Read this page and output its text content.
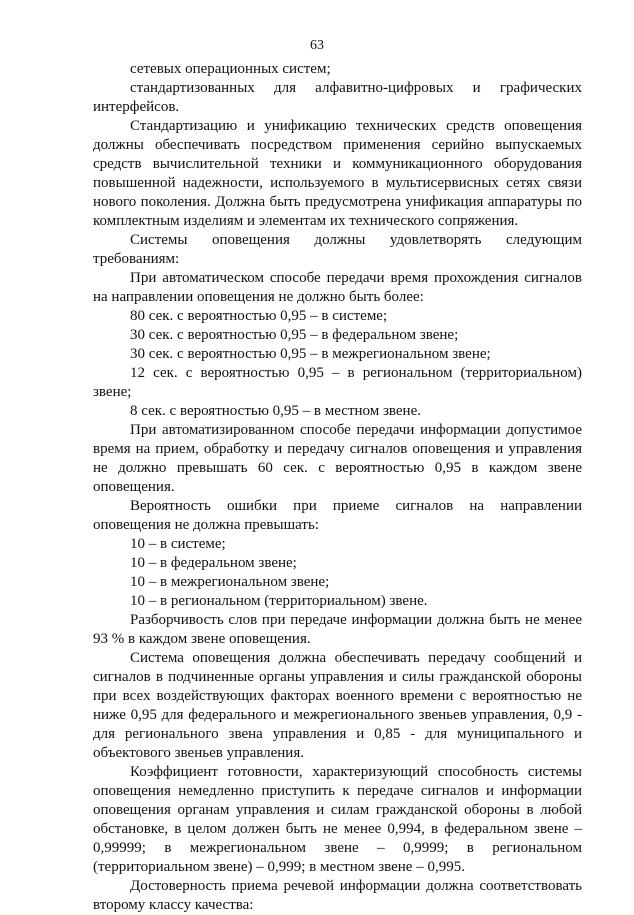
63

сетевых операционных систем;

стандартизованных для алфавитно-цифровых и графических интерфейсов.

Стандартизацию и унификацию технических средств оповещения должны обеспечивать посредством применения серийно выпускаемых средств вычислительной техники и коммуникационного оборудования повышенной надежности, используемого в мультисервисных сетях связи нового поколения. Должна быть предусмотрена унификация аппаратуры по комплектным изделиям и элементам их технического сопряжения.

Системы оповещения должны удовлетворять следующим требованиям:

При автоматическом способе передачи время прохождения сигналов на направлении оповещения не должно быть более:

80 сек. с вероятностью 0,95 – в системе;

30 сек. с вероятностью 0,95 – в федеральном звене;

30 сек. с вероятностью 0,95 – в межрегиональном звене;

12 сек. с вероятностью 0,95 – в региональном (территориальном) звене;

8 сек. с вероятностью 0,95 – в местном звене.

При автоматизированном способе передачи информации допустимое время на прием, обработку и передачу сигналов оповещения и управления не должно превышать 60 сек. с вероятностью 0,95 в каждом звене оповещения.

Вероятность ошибки при приеме сигналов на направлении оповещения не должна превышать:

10 – в системе;

10 – в федеральном звене;

10 – в межрегиональном звене;

10 – в региональном (территориальном) звене.

Разборчивость слов при передаче информации должна быть не менее 93 % в каждом звене оповещения.

Система оповещения должна обеспечивать передачу сообщений и сигналов в подчиненные органы управления и силы гражданской обороны при всех воздействующих факторах военного времени с вероятностью не ниже 0,95 для федерального и межрегионального звеньев управления, 0,9 - для регионального звена управления и 0,85 - для муниципального и объектового звеньев управления.

Коэффициент готовности, характеризующий способность системы оповещения немедленно приступить к передаче сигналов и информации оповещения органам управления и силам гражданской обороны в любой обстановке, в целом должен быть не менее 0,994, в федеральном звене – 0,99999; в межрегиональном звене – 0,9999; в региональном (территориальном звене) – 0,999; в местном звене – 0,995.

Достоверность приема речевой информации должна соответствовать второму классу качества:
